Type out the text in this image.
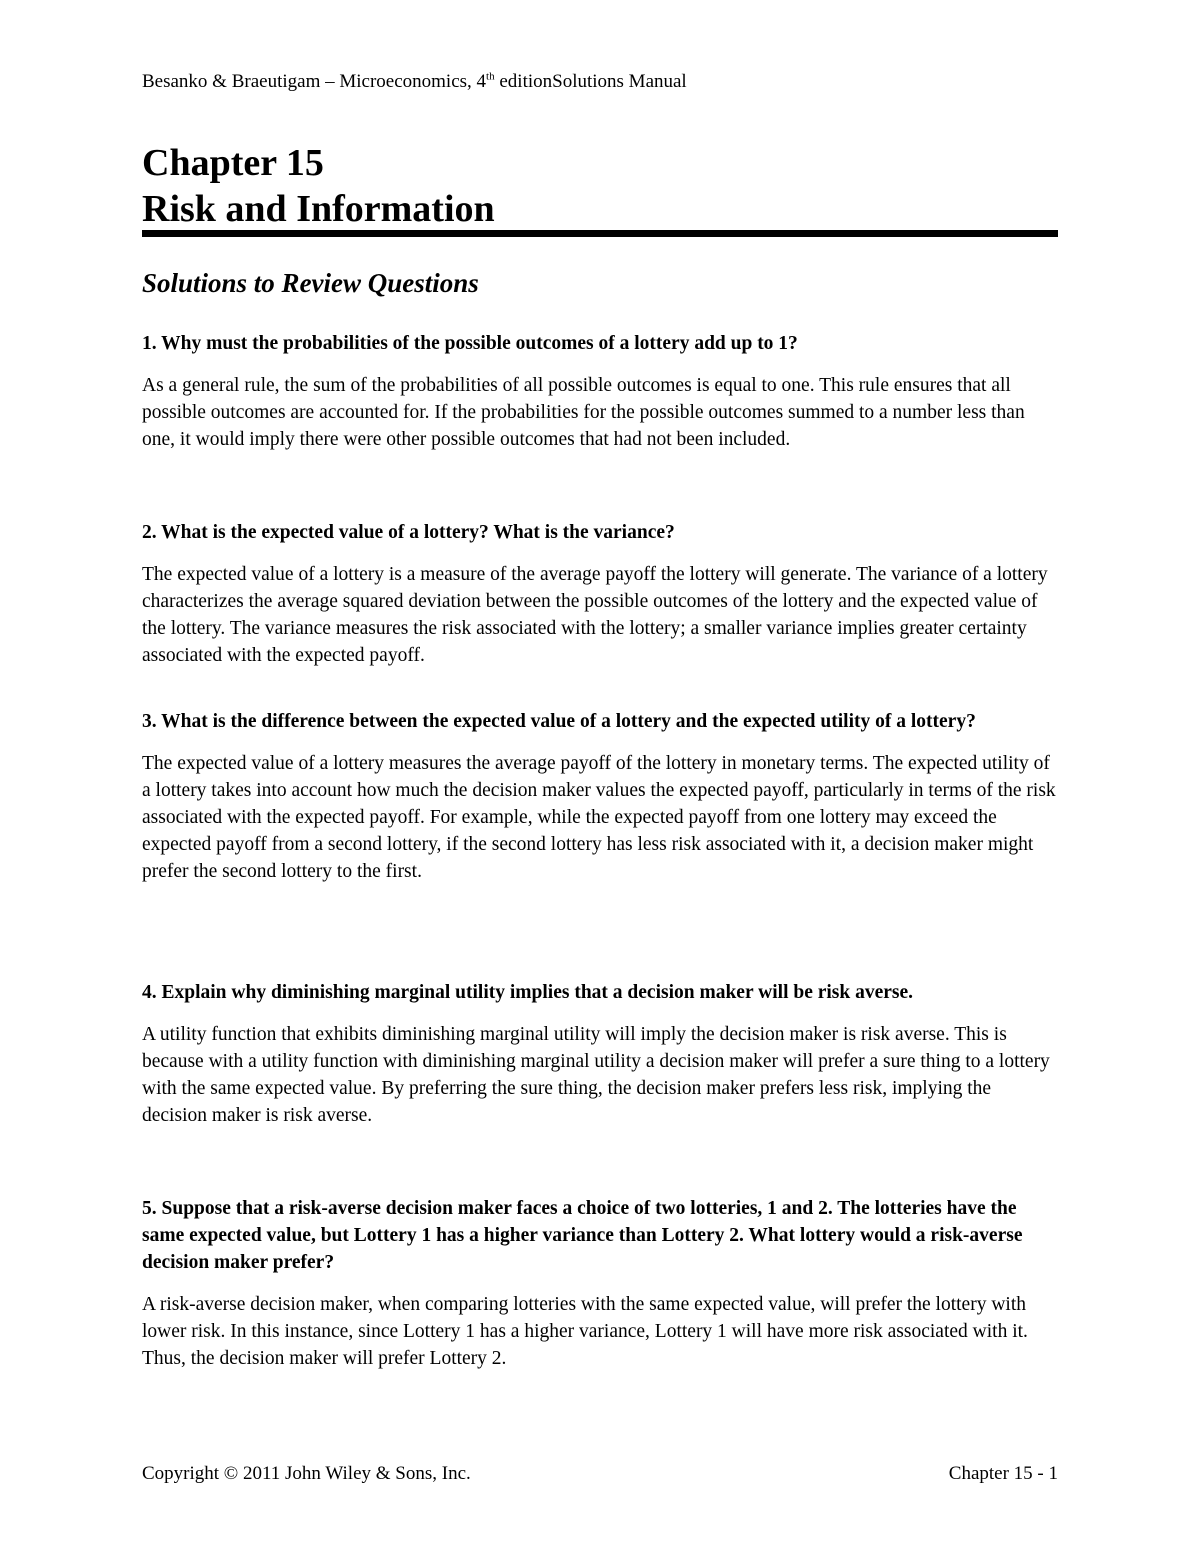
Besanko & Braeutigam – Microeconomics, 4th editionSolutions Manual
Chapter 15
Risk and Information
Solutions to Review Questions

1. Why must the probabilities of the possible outcomes of a lottery add up to 1?

As a general rule, the sum of the probabilities of all possible outcomes is equal to one. This rule ensures that all possible outcomes are accounted for. If the probabilities for the possible outcomes summed to a number less than one, it would imply there were other possible outcomes that had not been included.

2. What is the expected value of a lottery? What is the variance?

The expected value of a lottery is a measure of the average payoff the lottery will generate. The variance of a lottery characterizes the average squared deviation between the possible outcomes of the lottery and the expected value of the lottery. The variance measures the risk associated with the lottery; a smaller variance implies greater certainty associated with the expected payoff.

3. What is the difference between the expected value of a lottery and the expected utility of a lottery?

The expected value of a lottery measures the average payoff of the lottery in monetary terms. The expected utility of a lottery takes into account how much the decision maker values the expected payoff, particularly in terms of the risk associated with the expected payoff. For example, while the expected payoff from one lottery may exceed the expected payoff from a second lottery, if the second lottery has less risk associated with it, a decision maker might prefer the second lottery to the first.

4. Explain why diminishing marginal utility implies that a decision maker will be risk averse.

A utility function that exhibits diminishing marginal utility will imply the decision maker is risk averse. This is because with a utility function with diminishing marginal utility a decision maker will prefer a sure thing to a lottery with the same expected value. By preferring the sure thing, the decision maker prefers less risk, implying the decision maker is risk averse.

5. Suppose that a risk-averse decision maker faces a choice of two lotteries, 1 and 2. The lotteries have the same expected value, but Lottery 1 has a higher variance than Lottery 2. What lottery would a risk-averse decision maker prefer?

A risk-averse decision maker, when comparing lotteries with the same expected value, will prefer the lottery with lower risk. In this instance, since Lottery 1 has a higher variance, Lottery 1 will have more risk associated with it. Thus, the decision maker will prefer Lottery 2.

Copyright © 2011 John Wiley & Sons, Inc.	Chapter 15 - 1
